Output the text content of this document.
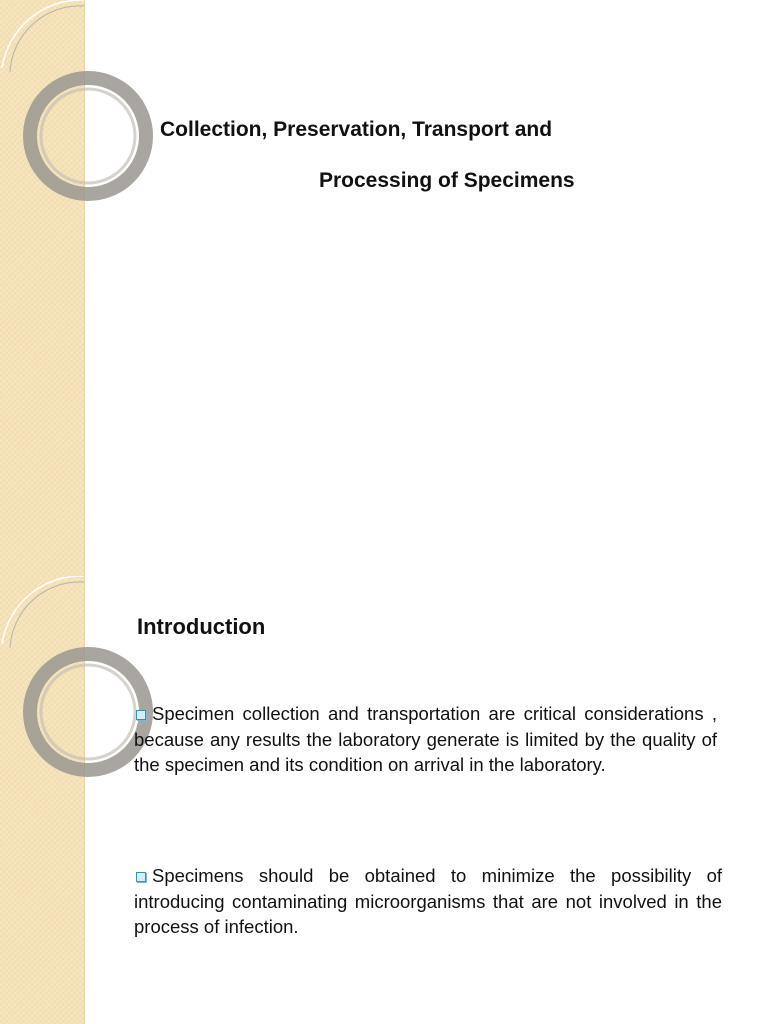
Collection, Preservation, Transport and
Processing of Specimens
Introduction

Specimen collection and transportation are critical considerations , because any results the laboratory generate is limited by the quality of the specimen and its condition on arrival in the laboratory.

Specimens should be obtained to minimize the possibility of introducing contaminating microorganisms that are not involved in the process of infection.
